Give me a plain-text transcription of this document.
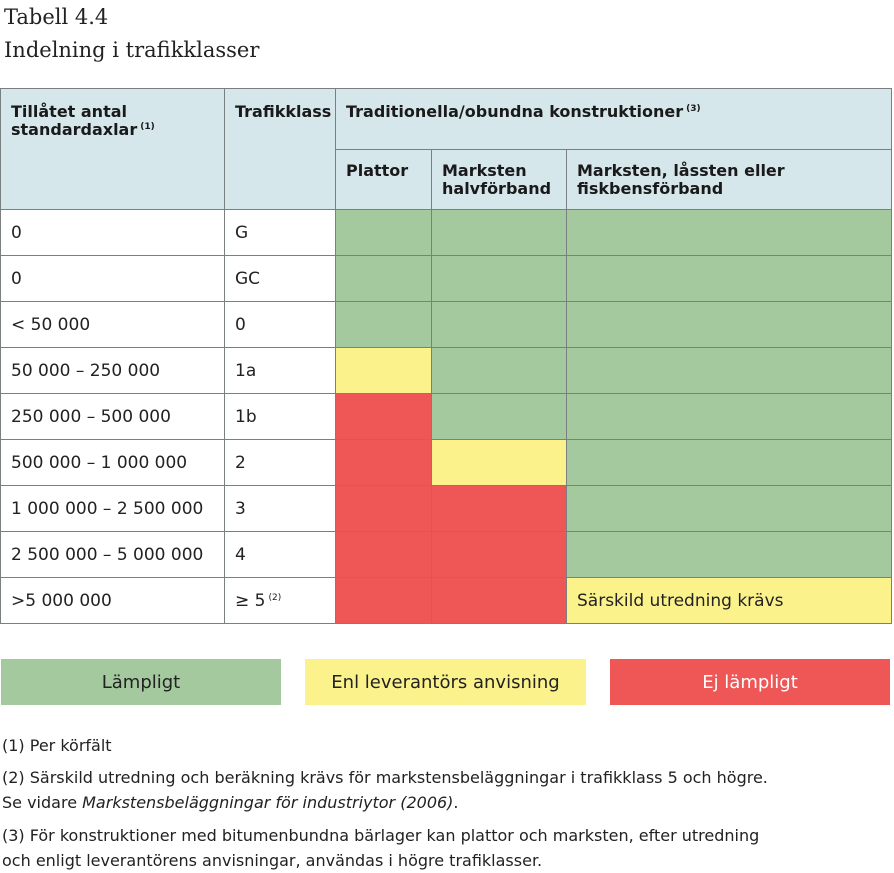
Tabell 4.4
Indelning i trafikklasser
Tillåtet antal standardaxlar $^{(1)}$	Trafikklass	Traditionella/obundna konstruktioner $^{(3)}$
		Plattor	Marksten halvförband	Marksten, låssten eller fiskbensförband
0	G			
0	GC			
< 50 000	0			
50 000 – 250 000	1a			
250 000 – 500 000	1b			
500 000 – 1 000 000	2			
1 000 000 – 2 500 000	3			
2 500 000 – 5 000 000	4			
>5 000 000	≥ 5 $^{(2)}$			Särskild utredning krävs
Lämpligt	Enl leverantörs anvisning	Ej lämpligt
(1) Per körfält
(2) Särskild utredning och beräkning krävs för markstensbeläggningar i trafikklass 5 och högre.
Se vidare Markstensbeläggningar för industriytor (2006).
(3) För konstruktioner med bitumenbundna bärlager kan plattor och marksten, efter utredning
och enligt leverantörens anvisningar, användas i högre trafiklasser.
